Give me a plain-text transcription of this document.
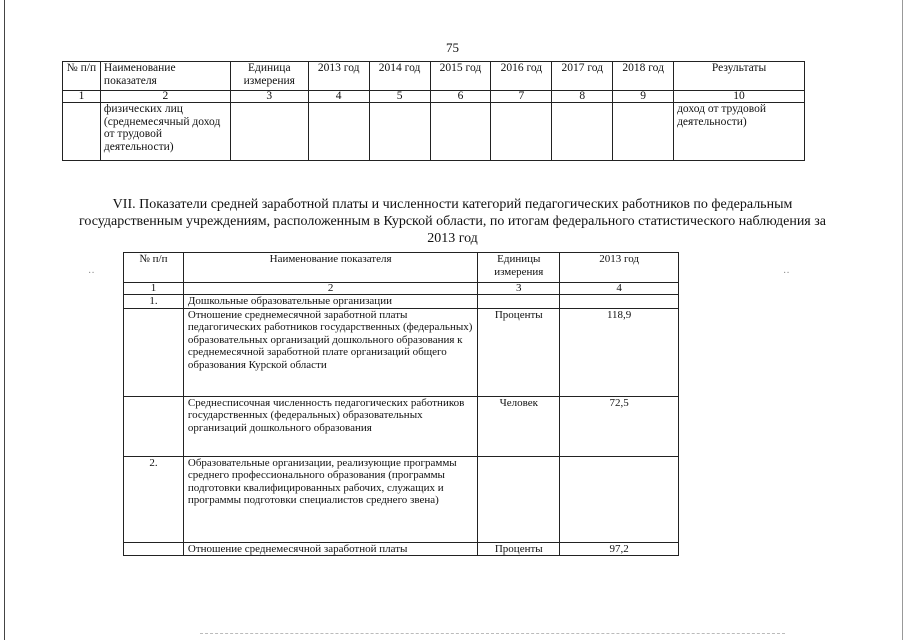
75
№ п/п	Наименование показателя	Единица измерения	2013 год	2014 год	2015 год	2016 год	2017 год	2018 год	Результаты
1	2	3	4	5	6	7	8	9	10
	физических лиц (среднемесячный доход от трудовой деятельности)								доход от трудовой деятельности)
VII. Показатели средней заработной платы и численности категорий педагогических работников по федеральным государственным учреждениям, расположенным в Курской области, по итогам федерального статистического наблюдения за 2013 год
··	··
№ п/п	Наименование показателя	Единицы измерения	2013 год
1	2	3	4
1.	Дошкольные образовательные организации		
	Отношение среднемесячной заработной платы педагогических работников государственных (федеральных) образовательных организаций дошкольного образования к среднемесячной заработной плате организаций общего образования Курской области	Проценты	118,9
	Среднесписочная численность педагогических работников государственных (федеральных) образовательных организаций дошкольного образования	Человек	72,5
2.	Образовательные организации, реализующие программы среднего профессионального образования (программы подготовки квалифицированных рабочих, служащих и программы подготовки специалистов среднего звена)		
	Отношение среднемесячной заработной платы	Проценты	97,2
